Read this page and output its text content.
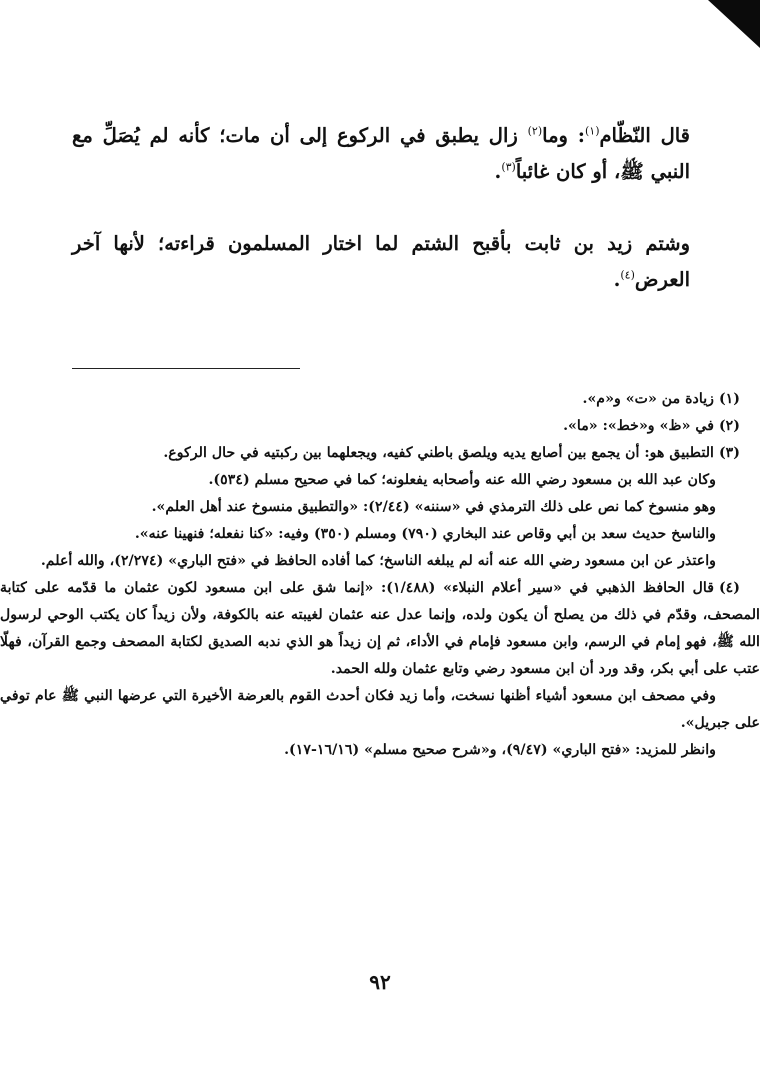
قال النّظّام$^{(١)}$: وما$^{(٢)}$ زال يطبق في الركوع إلى أن مات؛ كأنه لم يُصَلِّ مع النبي ﷺ، أو كان غائباً$^{(٣)}$.

وشتم زيد بن ثابت بأقبح الشتم لما اختار المسلمون قراءته؛ لأنها آخر العرض$^{(٤)}$.

(١)زيادة من «ت» و«م».

(٢)في «ظ» و«خط»: «ما».

(٣)التطبيق هو: أن يجمع بين أصابع يديه ويلصق باطني كفيه، ويجعلهما بين ركبتيه في حال الركوع.

وكان عبد الله بن مسعود رضي الله عنه وأصحابه يفعلونه؛ كما في صحيح مسلم (٥٣٤).

وهو منسوخ كما نص على ذلك الترمذي في «سننه» (٢/٤٤): «والتطبيق منسوخ عند أهل العلم».

والناسخ حديث سعد بن أبي وقاص عند البخاري (٧٩٠) ومسلم (٣٥٠) وفيه: «كنا نفعله؛ فنهينا عنه».

واعتذر عن ابن مسعود رضي الله عنه أنه لم يبلغه الناسخ؛ كما أفاده الحافظ في «فتح الباري» (٢/٢٧٤)، والله أعلم.

(٤)قال الحافظ الذهبي في «سير أعلام النبلاء» (١/٤٨٨): «إنما شق على ابن مسعود لكون عثمان ما قدّمه على كتابة المصحف، وقدّم في ذلك من يصلح أن يكون ولده، وإنما عدل عنه عثمان لغيبته عنه بالكوفة، ولأن زيداً كان يكتب الوحي لرسول الله ﷺ، فهو إمام في الرسم، وابن مسعود فإمام في الأداء، ثم إن زيداً هو الذي ندبه الصديق لكتابة المصحف وجمع القرآن، فهلّا عتب على أبي بكر، وقد ورد أن ابن مسعود رضي وتابع عثمان ولله الحمد.

وفي مصحف ابن مسعود أشياء أظنها نسخت، وأما زيد فكان أحدث القوم بالعرضة الأخيرة التي عرضها النبي ﷺ عام توفي على جبريل».

وانظر للمزيد: «فتح الباري» (٩/٤٧)، و«شرح صحيح مسلم» (١٦/١٦-١٧).

٩٢
